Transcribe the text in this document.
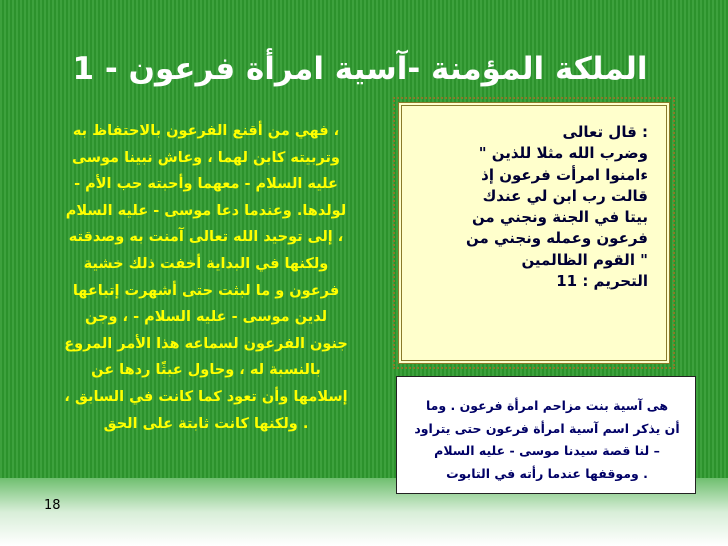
الملكة المؤمنة -آسية امرأة فرعون - 1
: قال تعالى
وضرب الله مثلا للذين "
ءامنوا امرأت فرعون إذ
قالت رب ابن لي عندك
بيتا في الجنة ونجني من
فرعون وعمله ونجني من
" القوم الظالمين
التحريم : 11
، فهي من أقنع الفرعون بالاحتفاظ به
وتربيته كابن لهما ، وعاش نبينا موسى
عليه السلام - معهما وأحبته حب الأم -
لولدها. وعندما دعا موسى - عليه السلام
، إلى توحيد الله تعالى آمنت به وصدقته
ولكنها في البداية أخفت ذلك خشية
فرعون و ما لبثت حتى أشهرت إتباعها
لدين موسى - عليه السلام - ، وجن
جنون الفرعون لسماعه هذا الأمر المروع
بالنسبة له ، وحاول عبثًا ردها عن
إسلامها وأن تعود كما كانت في السابق ،
. ولكنها كانت ثابتة على الحق
هى آسية بنت مزاحم امرأة فرعون . وما
أن يذكر اسم آسية امرأة فرعون حتى يتراود
– لنا قصة سيدنا موسى - عليه السلام
. وموقفها عندما رأته في التابوت
18
